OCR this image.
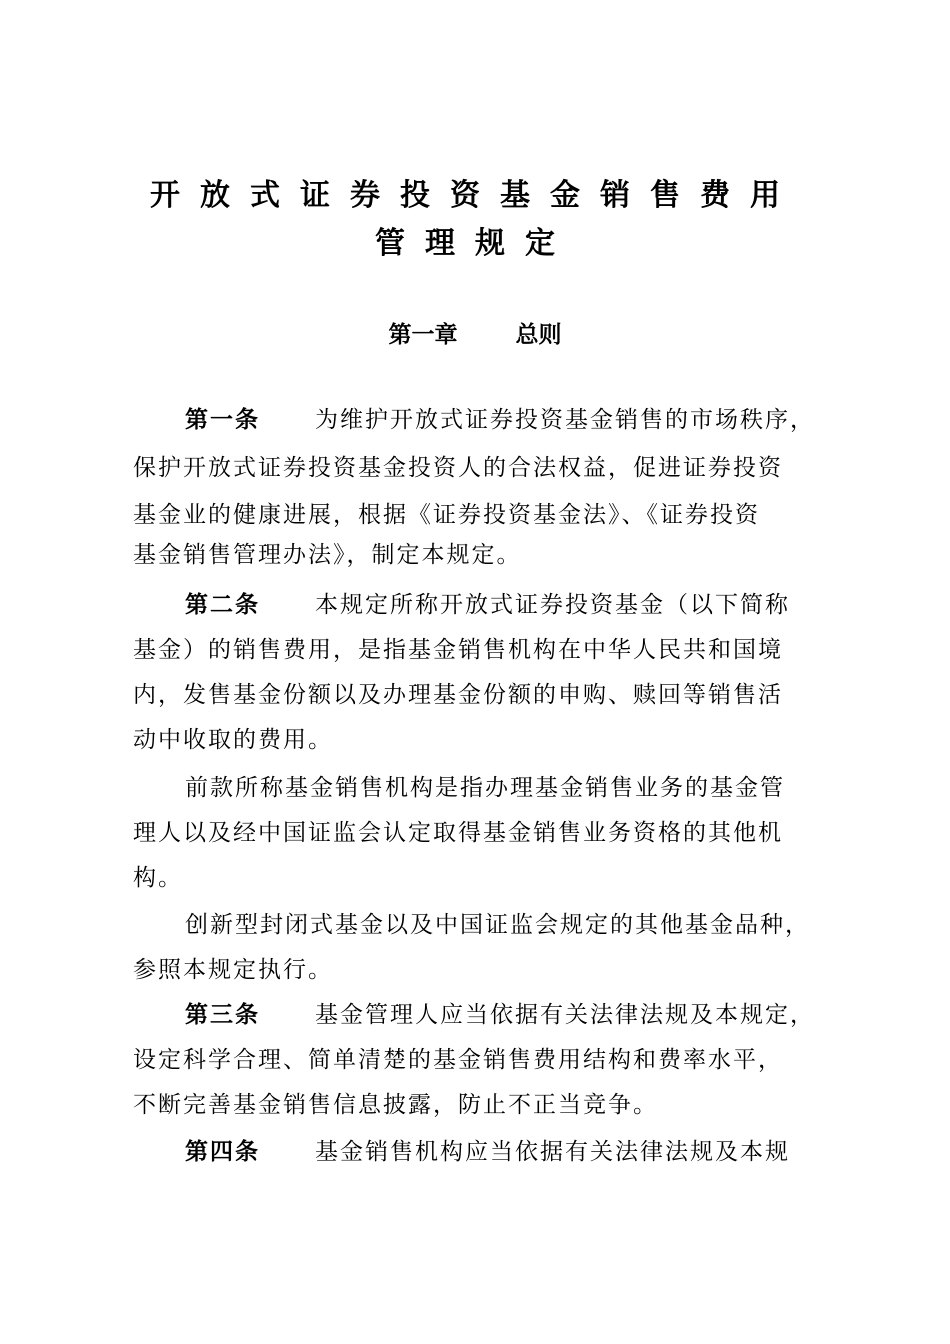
开放式证券投资基金销售费用
管理规定
第一章	总则
第一条 为维护开放式证券投资基金销售的市场秩序，
保护开放式证券投资基金投资人的合法权益，促进证券投资
基金业的健康进展，根据《证券投资基金法》、《证券投资
基金销售管理办法》，制定本规定。
第二条 本规定所称开放式证券投资基金（以下简称
基金）的销售费用，是指基金销售机构在中华人民共和国境
内，发售基金份额以及办理基金份额的申购、赎回等销售活
动中收取的费用。
前款所称基金销售机构是指办理基金销售业务的基金管
理人以及经中国证监会认定取得基金销售业务资格的其他机
构。
创新型封闭式基金以及中国证监会规定的其他基金品种，
参照本规定执行。
第三条 基金管理人应当依据有关法律法规及本规定，
设定科学合理、简单清楚的基金销售费用结构和费率水平，
不断完善基金销售信息披露，防止不正当竞争。
第四条 基金销售机构应当依据有关法律法规及本规
